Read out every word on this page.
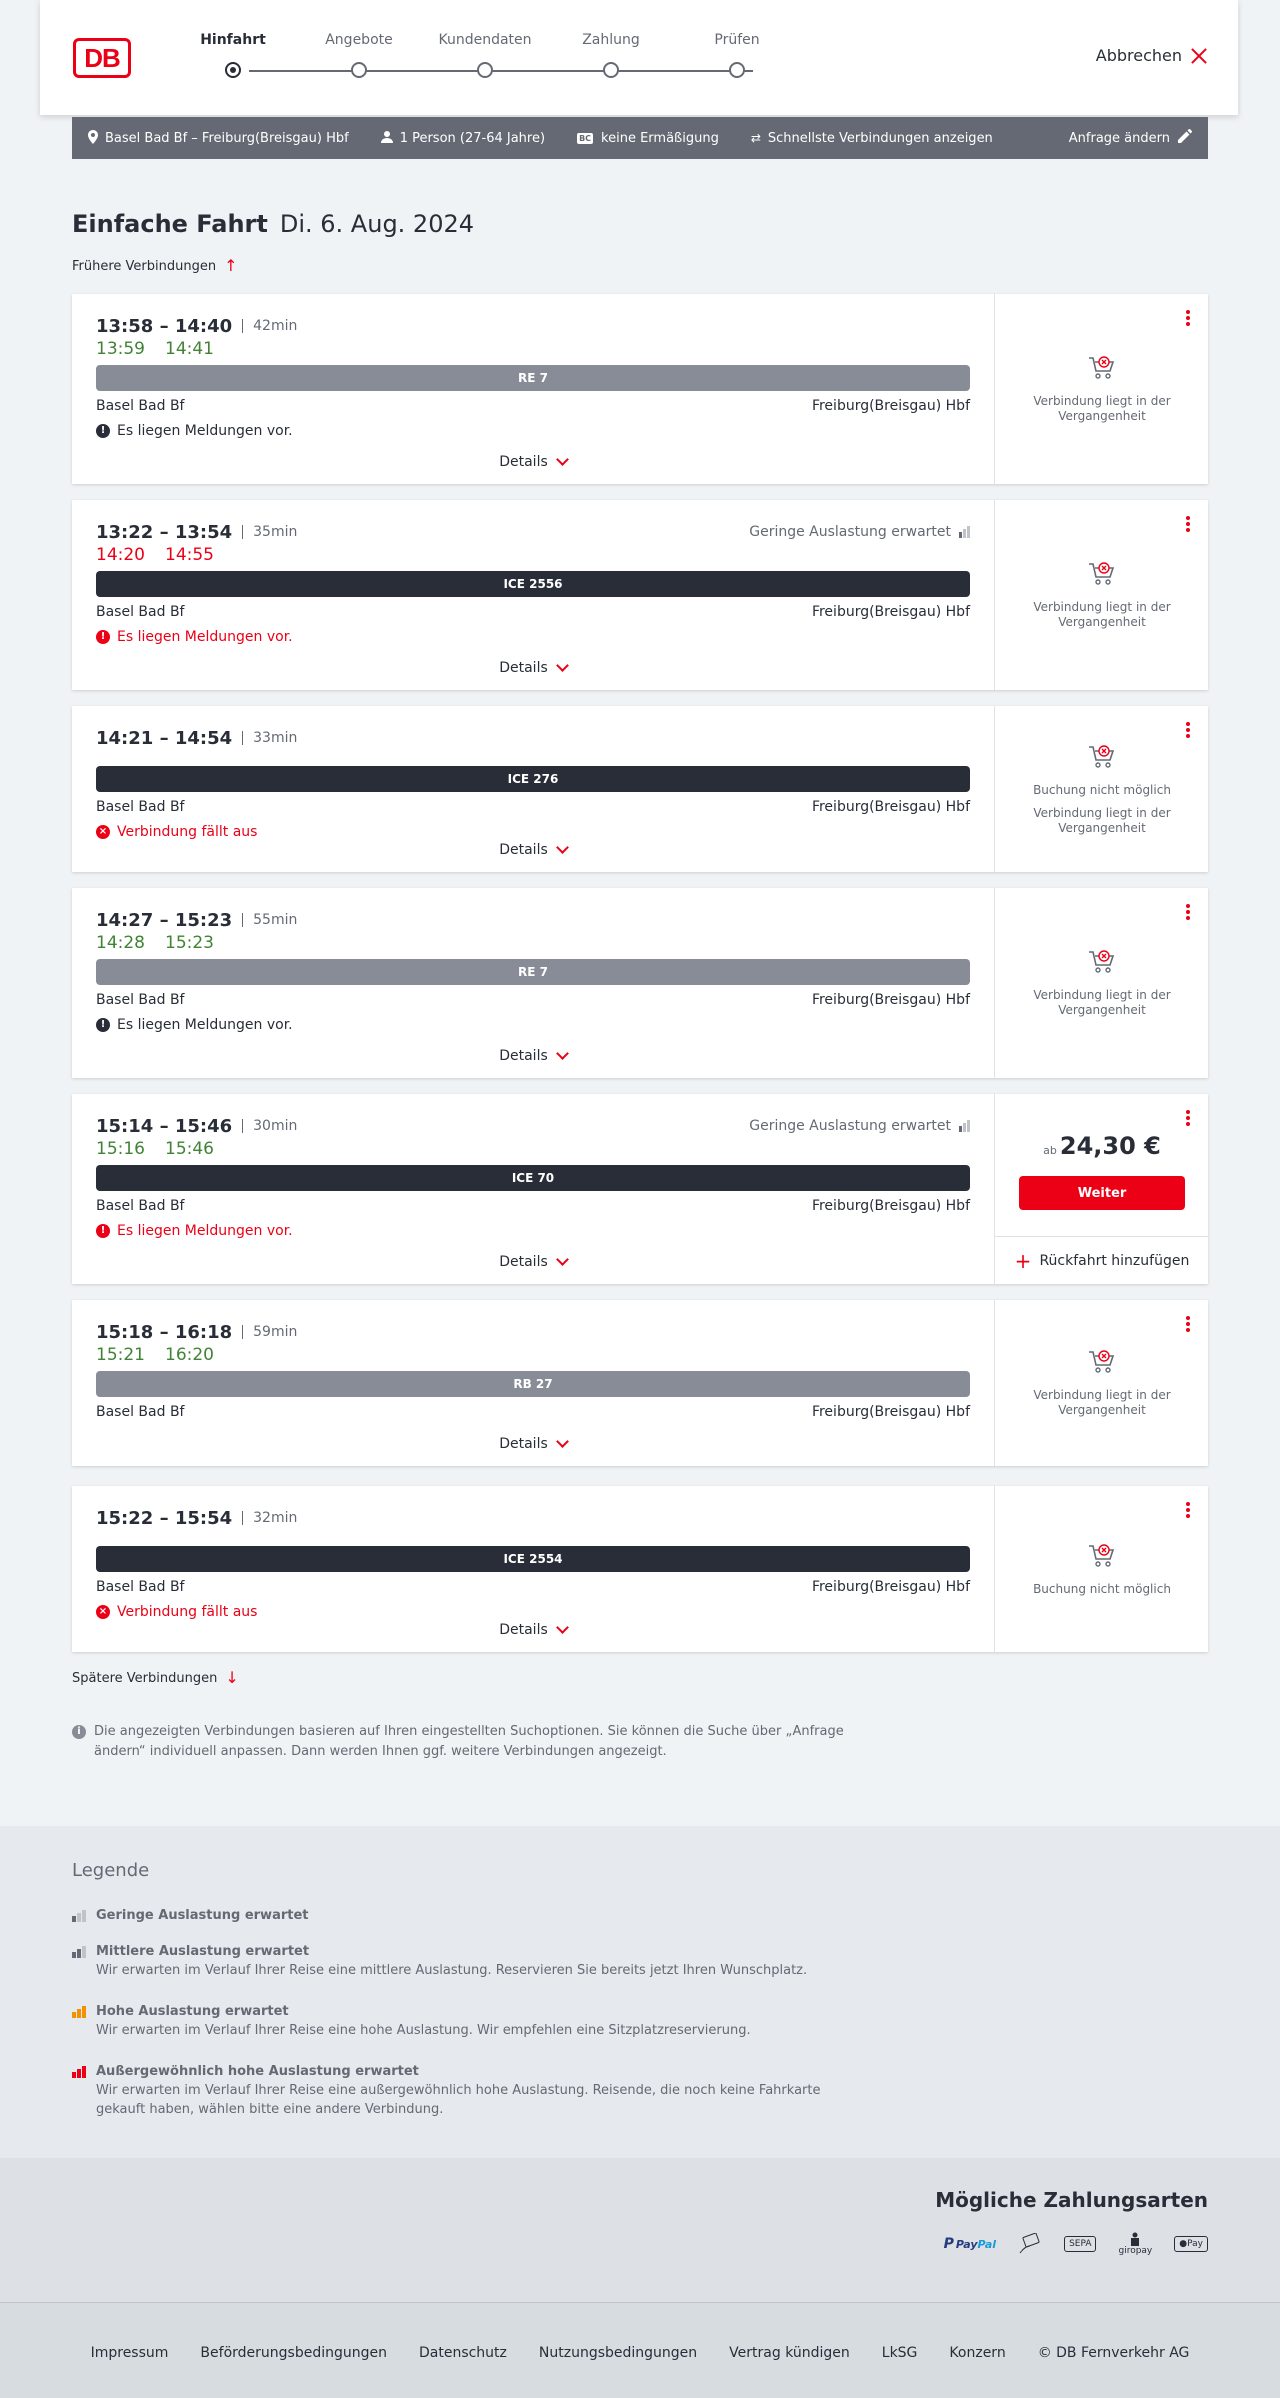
DB
Hinfahrt	Angebote	Kundendaten	Zahlung	Prüfen
Abbrechen
Basel Bad Bf – Freiburg(Breisgau) Hbf	1 Person (27-64 Jahre)	BC keine Ermäßigung	⇄ Schnellste Verbindungen anzeigen	Anfrage ändern
Einfache Fahrt Di. 6. Aug. 2024
Frühere Verbindungen ↑
13:58 – 14:40 42min
13:59 14:41
RE 7
Basel Bad Bf	Freiburg(Breisgau) Hbf
! Es liegen Meldungen vor.
Details
Verbindung liegt in der Vergangenheit
13:22 – 13:54 35min	Geringe Auslastung erwartet
14:20 14:55
ICE 2556
Basel Bad Bf	Freiburg(Breisgau) Hbf
! Es liegen Meldungen vor.
Details
Verbindung liegt in der Vergangenheit
14:21 – 14:54 33min
ICE 276
Basel Bad Bf	Freiburg(Breisgau) Hbf
× Verbindung fällt aus
Details
Buchung nicht möglich
Verbindung liegt in der Vergangenheit
14:27 – 15:23 55min
14:28 15:23
RE 7
Basel Bad Bf	Freiburg(Breisgau) Hbf
! Es liegen Meldungen vor.
Details
Verbindung liegt in der Vergangenheit
15:14 – 15:46 30min	Geringe Auslastung erwartet
15:16 15:46
ICE 70
Basel Bad Bf	Freiburg(Breisgau) Hbf
! Es liegen Meldungen vor.
Details
ab 24,30 €
Weiter
+ Rückfahrt hinzufügen
15:18 – 16:18 59min
15:21 16:20
RB 27
Basel Bad Bf	Freiburg(Breisgau) Hbf
Details
Verbindung liegt in der Vergangenheit
15:22 – 15:54 32min
ICE 2554
Basel Bad Bf	Freiburg(Breisgau) Hbf
× Verbindung fällt aus
Details
Buchung nicht möglich
Spätere Verbindungen ↓
i	Die angezeigten Verbindungen basieren auf Ihren eingestellten Suchoptionen. Sie können die Suche über „Anfrage ändern“ individuell anpassen. Dann werden Ihnen ggf. weitere Verbindungen angezeigt.
Legende
Geringe Auslastung erwartet
Mittlere Auslastung erwartet
Wir erwarten im Verlauf Ihrer Reise eine mittlere Auslastung. Reservieren Sie bereits jetzt Ihren Wunschplatz.
Hohe Auslastung erwartet
Wir erwarten im Verlauf Ihrer Reise eine hohe Auslastung. Wir empfehlen eine Sitzplatzreservierung.
Außergewöhnlich hohe Auslastung erwartet
Wir erwarten im Verlauf Ihrer Reise eine außergewöhnlich hohe Auslastung. Reisende, die noch keine Fahrkarte gekauft haben, wählen bitte eine andere Verbindung.
Mögliche Zahlungsarten
P Pay Pal	SEPA
giropay
● Pay
Impressum Beförderungsbedingungen Datenschutz Nutzungsbedingungen Vertrag kündigen LkSG Konzern © DB Fernverkehr AG
